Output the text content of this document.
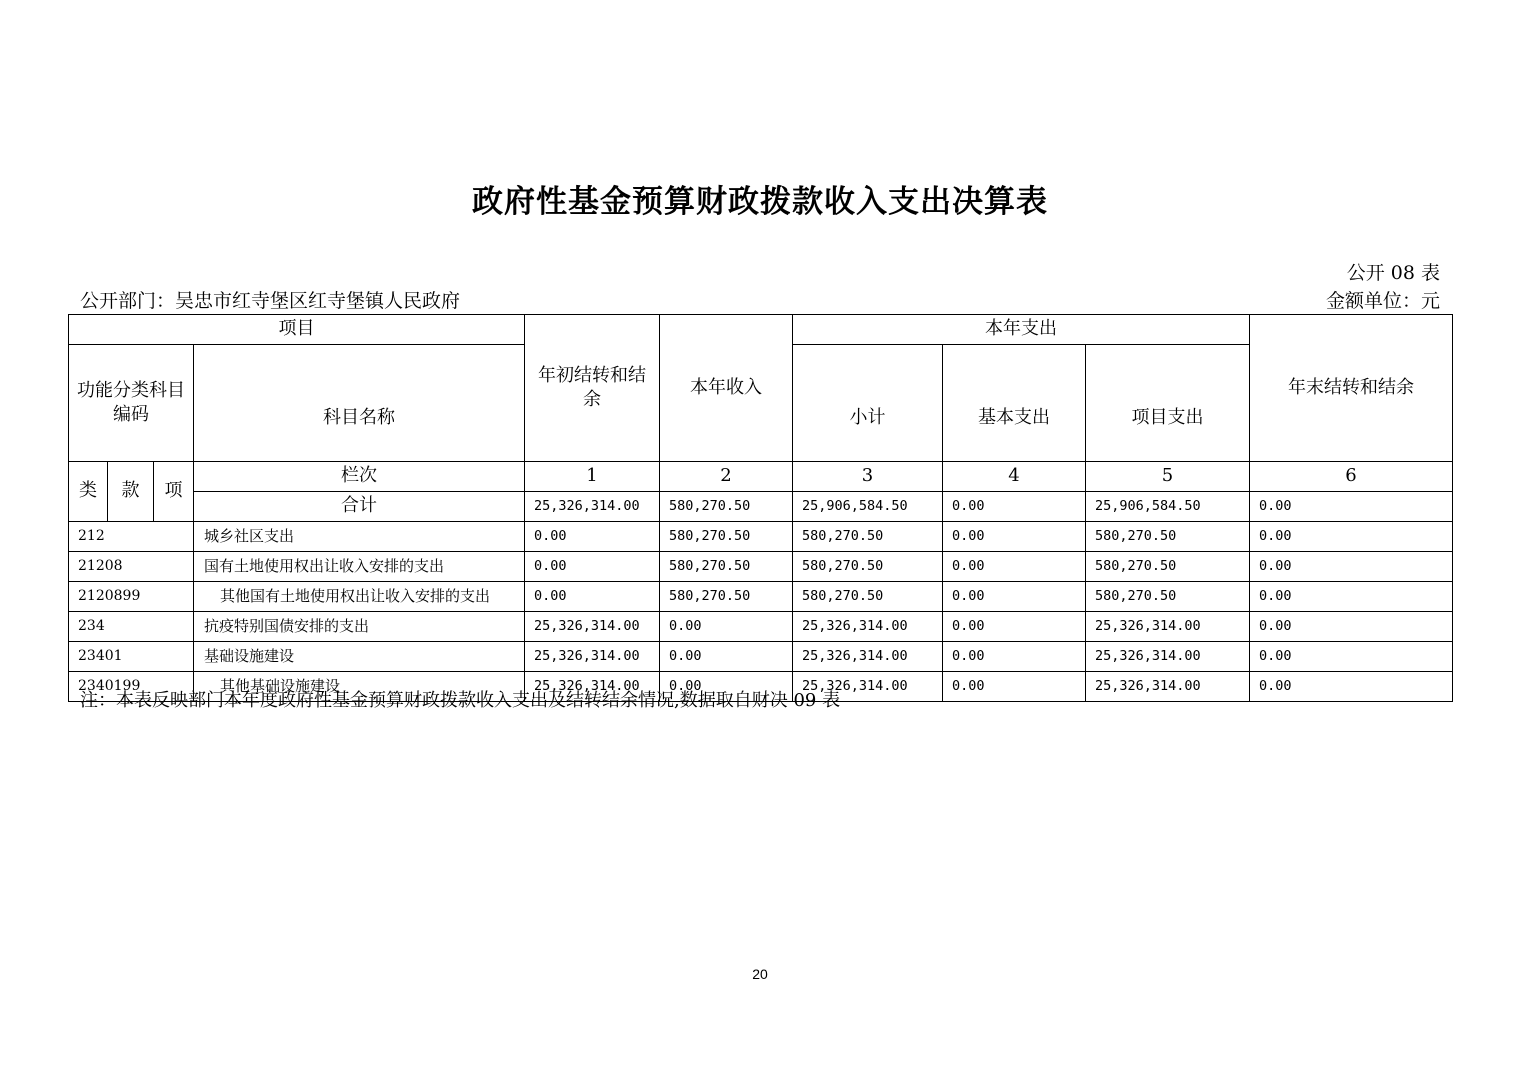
政府性基金预算财政拨款收入支出决算表
公开 08 表
公开部门：吴忠市红寺堡区红寺堡镇人民政府	金额单位：元
项目				年初结转和结余	本年收入	本年支出			年末结转和结余

功能分类科目编码			科目名称			小计	基本支出	项目支出	
类	款	项	栏次	1	2	3	4	5	6
			合计	25,326,314.00	580,270.50	25,906,584.50	0.00	25,906,584.50	0.00
212			城乡社区支出	0.00	580,270.50	580,270.50	0.00	580,270.50	0.00
21208			国有土地使用权出让收入安排的支出	0.00	580,270.50	580,270.50	0.00	580,270.50	0.00
2120899			其他国有土地使用权出让收入安排的支出	0.00	580,270.50	580,270.50	0.00	580,270.50	0.00
234			抗疫特别国债安排的支出	25,326,314.00	0.00	25,326,314.00	0.00	25,326,314.00	0.00
23401			基础设施建设	25,326,314.00	0.00	25,326,314.00	0.00	25,326,314.00	0.00
2340199			其他基础设施建设	25,326,314.00	0.00	25,326,314.00	0.00	25,326,314.00	0.00
注：本表反映部门本年度政府性基金预算财政拨款收入支出及结转结余情况,数据取自财决 09 表
20
